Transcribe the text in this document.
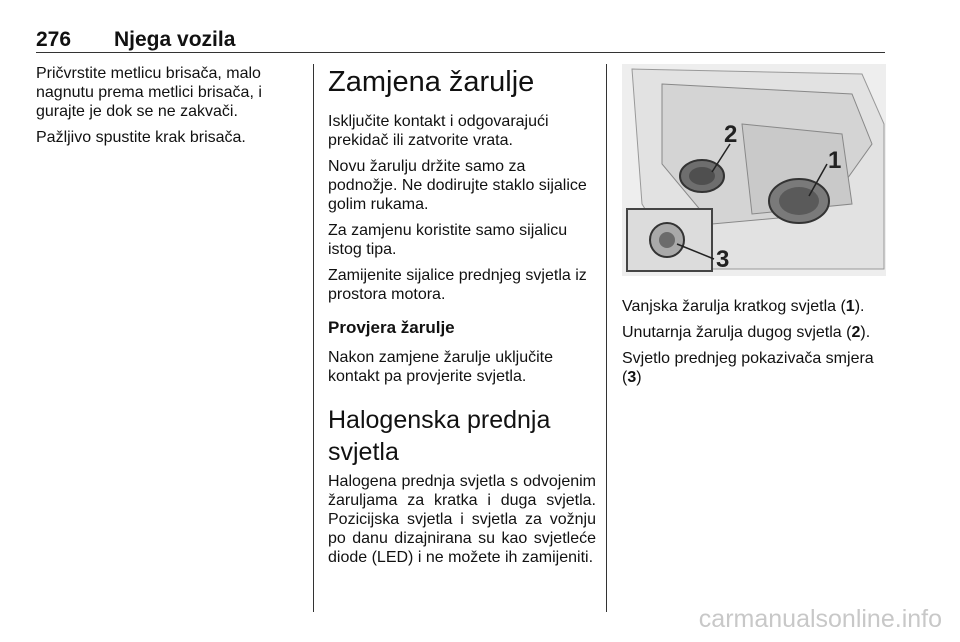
276 Njega vozila

Pričvrstite metlicu brisača, malo nagnutu prema metlici brisača, i gurajte je dok se ne zakvači.

Pažljivo spustite krak brisača.

Zamjena žarulje

Isključite kontakt i odgovarajući prekidač ili zatvorite vrata.

Novu žarulju držite samo za podnožje. Ne dodirujte staklo sijalice golim rukama.

Za zamjenu koristite samo sijalicu istog tipa.

Zamijenite sijalice prednjeg svjetla iz prostora motora.

Provjera žarulje

Nakon zamjene žarulje uključite kontakt pa provjerite svjetla.

Halogenska prednja svjetla

Halogena prednja svjetla s odvojenim žaruljama za kratka i duga svjetla. Pozicijska svjetla i svjetla za vožnju po danu dizajnirana su kao svjetleće diode (LED) i ne možete ih zamijeniti.

1
2
3

Vanjska žarulja kratkog svjetla (1).

Unutarnja žarulja dugog svjetla (2).

Svjetlo prednjeg pokazivača smjera (3)

carmanualsonline.info
